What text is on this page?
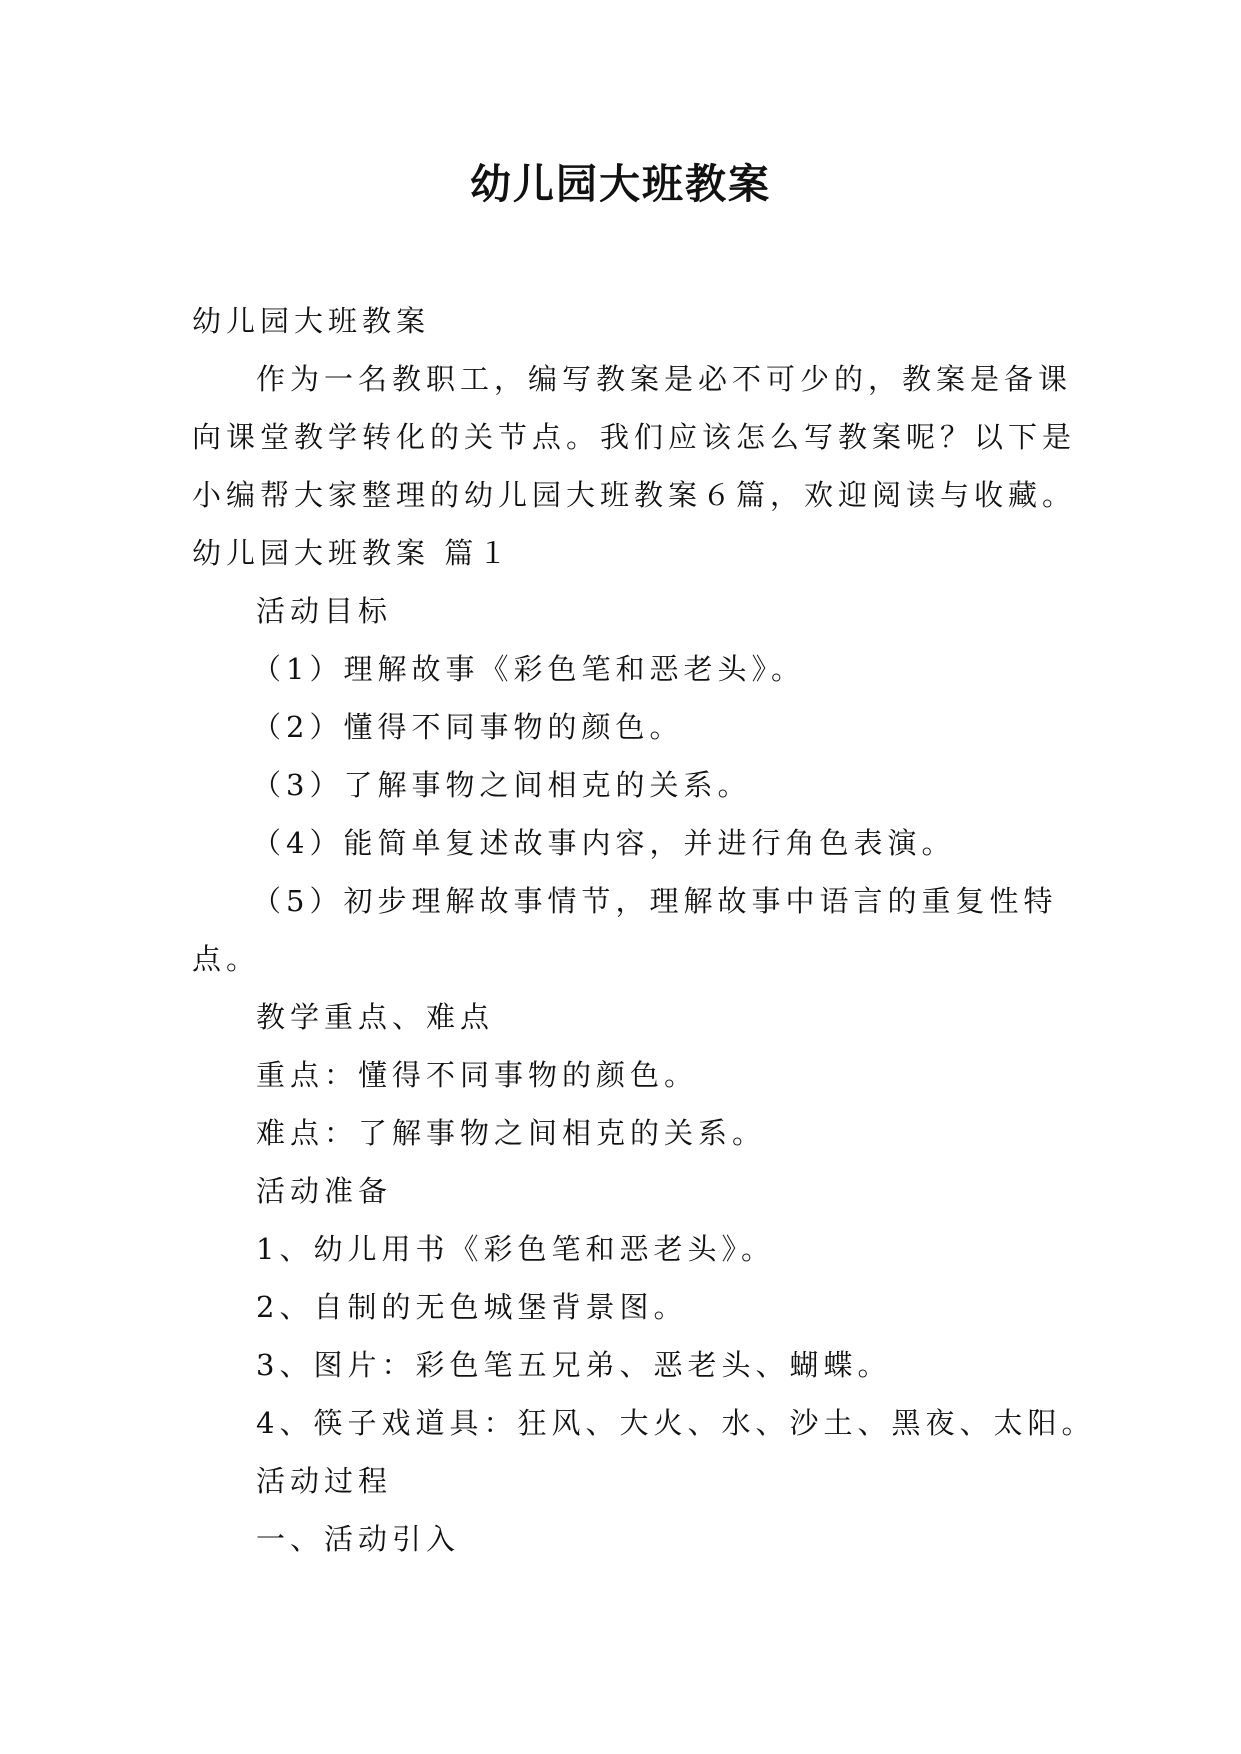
幼儿园大班教案
幼儿园大班教案
作为一名教职工，编写教案是必不可少的，教案是备课
向课堂教学转化的关节点。我们应该怎么写教案呢？以下是
小编帮大家整理的幼儿园大班教案６篇，欢迎阅读与收藏。
幼儿园大班教案 篇１
活动目标
（1）理解故事《彩色笔和恶老头》。
（2）懂得不同事物的颜色。
（3）了解事物之间相克的关系。
（4）能简单复述故事内容，并进行角色表演。
（5）初步理解故事情节，理解故事中语言的重复性特
点。
教学重点、难点
重点：懂得不同事物的颜色。
难点：了解事物之间相克的关系。
活动准备
1、幼儿用书《彩色笔和恶老头》。
2、自制的无色城堡背景图。
3、图片：彩色笔五兄弟、恶老头、蝴蝶。
4、筷子戏道具：狂风、大火、水、沙土、黑夜、太阳。
活动过程
一、活动引入
